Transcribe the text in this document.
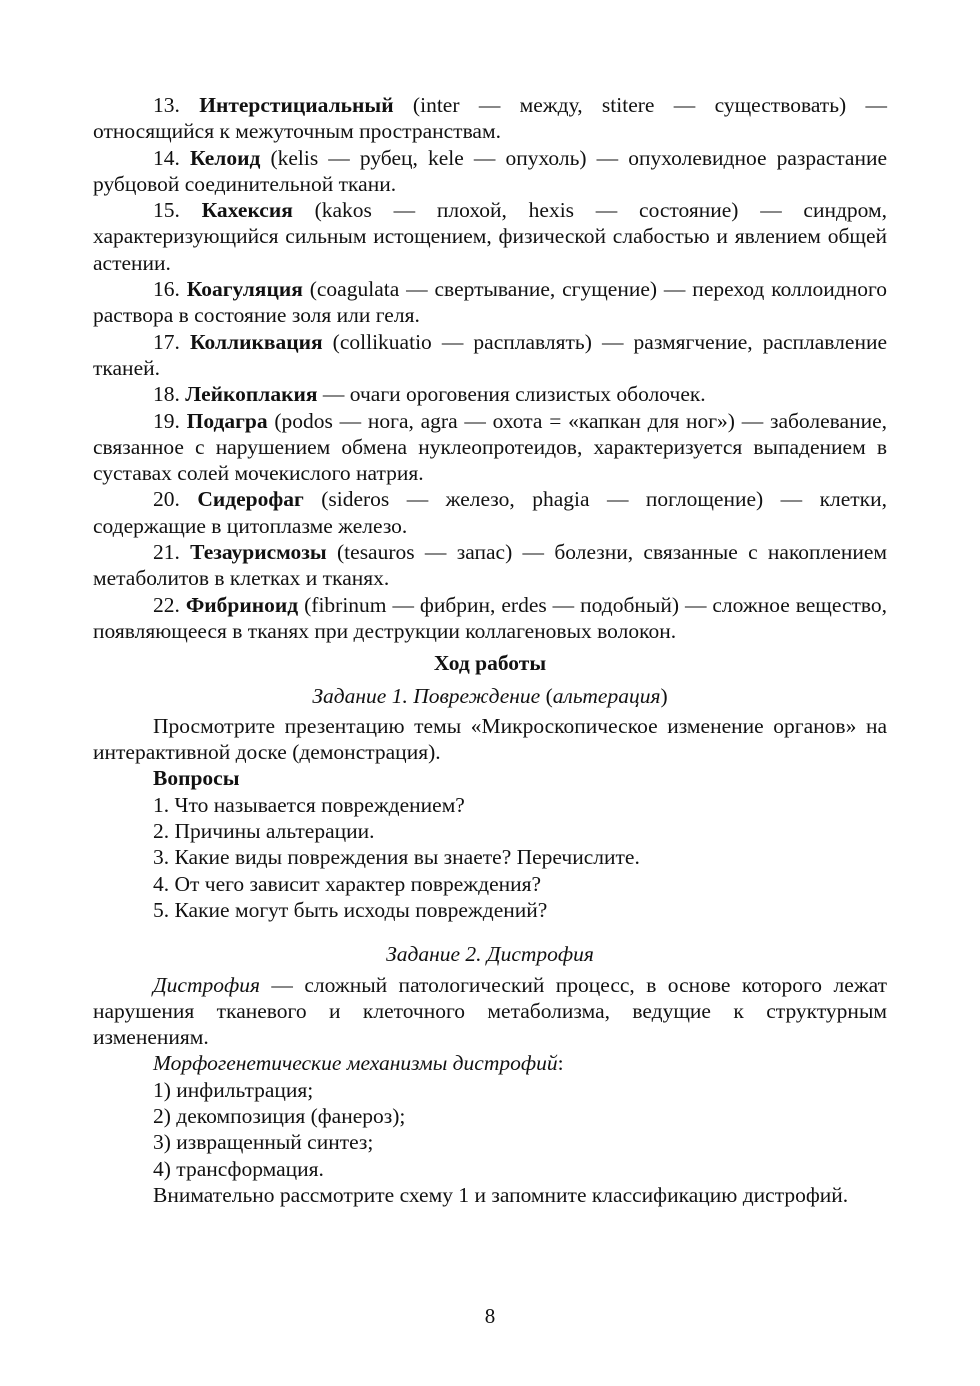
13. Интерстициальный (inter — между, stitere — существовать) — относящийся к межуточным пространствам.

14. Келоид (kelis — рубец, kele — опухоль) — опухолевидное разрастание рубцовой соединительной ткани.

15. Кахексия (kakos — плохой, hexis — состояние) — синдром, характеризующийся сильным истощением, физической слабостью и явлением общей астении.

16. Коагуляция (coagulata — свертывание, сгущение) — переход коллоидного раствора в состояние золя или геля.

17. Колликвация (collikuatio — расплавлять) — размягчение, расплавление тканей.

18. Лейкоплакия — очаги ороговения слизистых оболочек.

19. Подагра (podos — нога, agra — охота = «капкан для ног») — заболевание, связанное с нарушением обмена нуклеопротеидов, характеризуется выпадением в суставах солей мочекислого натрия.

20. Сидерофаг (sideros — железо, phagia — поглощение) — клетки, содержащие в цитоплазме железо.

21. Тезаурисмозы (tesauros — запас) — болезни, связанные с накоплением метаболитов в клетках и тканях.

22. Фибриноид (fibrinum — фибрин, erdes — подобный) — сложное вещество, появляющееся в тканях при деструкции коллагеновых волокон.

Ход работы

Задание 1. Повреждение (альтерация)

Просмотрите презентацию темы «Микроскопическое изменение органов» на интерактивной доске (демонстрация).

Вопросы

1. Что называется повреждением?

2. Причины альтерации.

3. Какие виды повреждения вы знаете? Перечислите.

4. От чего зависит характер повреждения?

5. Какие могут быть исходы повреждений?

Задание 2. Дистрофия

Дистрофия — сложный патологический процесс, в основе которого лежат нарушения тканевого и клеточного метаболизма, ведущие к структурным изменениям.

Морфогенетические механизмы дистрофий:

1) инфильтрация;

2) декомпозиция (фанероз);

3) извращенный синтез;

4) трансформация.

Внимательно рассмотрите схему 1 и запомните классификацию дистрофий.

8
